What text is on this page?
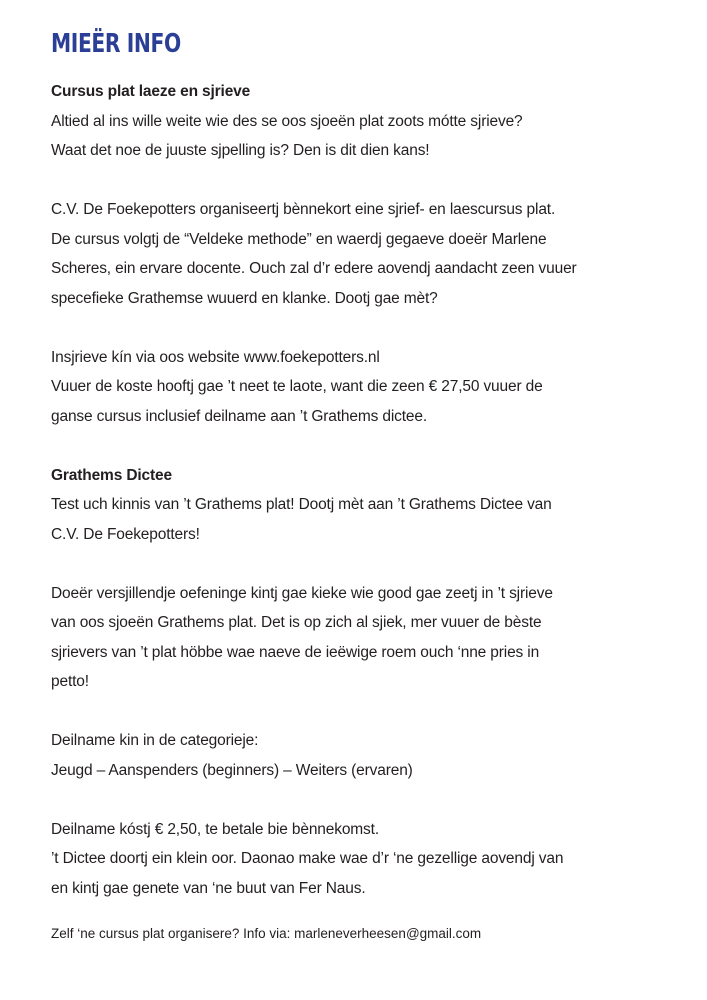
MIEËR INFO
Cursus plat laeze en sjrieve
Altied al ins wille weite wie des se oos sjoeën plat zoots mótte sjrieve?
Waat det noe de juuste sjpelling is? Den is dit dien kans!
C.V. De Foekepotters organiseertj bènnekort eine sjrief- en laescursus plat.
De cursus volgtj de “Veldeke methode” en waerdj gegaeve doeër Marlene
Scheres, ein ervare docente. Ouch zal d’r edere aovendj aandacht zeen vuuer
specefieke Grathemse wuuerd en klanke. Dootj gae mèt?
Insjrieve kín via oos website www.foekepotters.nl
Vuuer de koste hooftj gae ’t neet te laote, want die zeen € 27,50 vuuer de
ganse cursus inclusief deilname aan ’t Grathems dictee.
Grathems Dictee
Test uch kinnis van ’t Grathems plat! Dootj mèt aan ’t Grathems Dictee van
C.V. De Foekepotters!
Doeër versjillendje oefeninge kintj gae kieke wie good gae zeetj in ’t sjrieve
van oos sjoeën Grathems plat. Det is op zich al sjiek, mer vuuer de bèste
sjrievers van ’t plat höbbe wae naeve de ieëwige roem ouch ‘nne pries in
petto!
Deilname kin in de categorieje:
Jeugd – Aanspenders (beginners) – Weiters (ervaren)
Deilname kóstj € 2,50, te betale bie bènnekomst.
’t Dictee doortj ein klein oor. Daonao make wae d’r ‘ne gezellige aovendj van
en kintj gae genete van ‘ne buut van Fer Naus.
Zelf ‘ne cursus plat organisere? Info via: marleneverheesen@gmail.com
